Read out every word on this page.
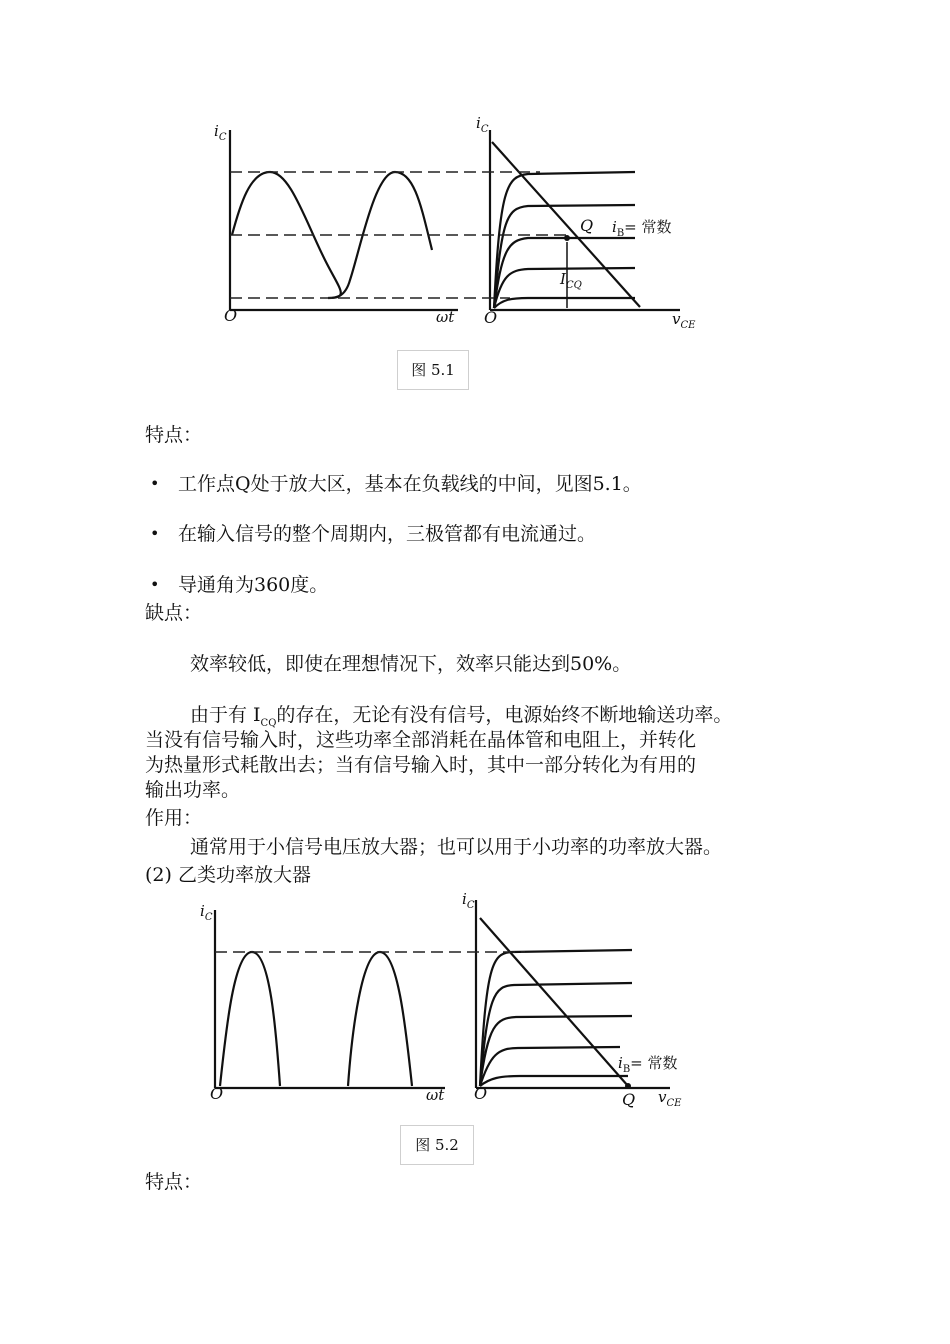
$i_C$
O	ωt
$i_C$
O	$v_{CE}$
Q $i_B=$ 常数
$I_{CQ}$
图 5.1
特点：
• 工作点Q处于放大区，基本在负载线的中间，见图5.1。
• 在输入信号的整个周期内，三极管都有电流通过。
• 导通角为360度。
缺点：
效率较低，即使在理想情况下，效率只能达到50%。
由于有 $I_{CQ}$的存在，无论有没有信号，电源始终不断地输送功率。
当没有信号输入时，这些功率全部消耗在晶体管和电阻上，并转化
为热量形式耗散出去；当有信号输入时，其中一部分转化为有用的
输出功率。
作用：
通常用于小信号电压放大器；也可以用于小功率的功率放大器。
(2) 乙类功率放大器
$i_C$
O	ωt
$i_C$
O	$v_{CE}$
Q
$i_B=$ 常数
图 5.2
特点：
